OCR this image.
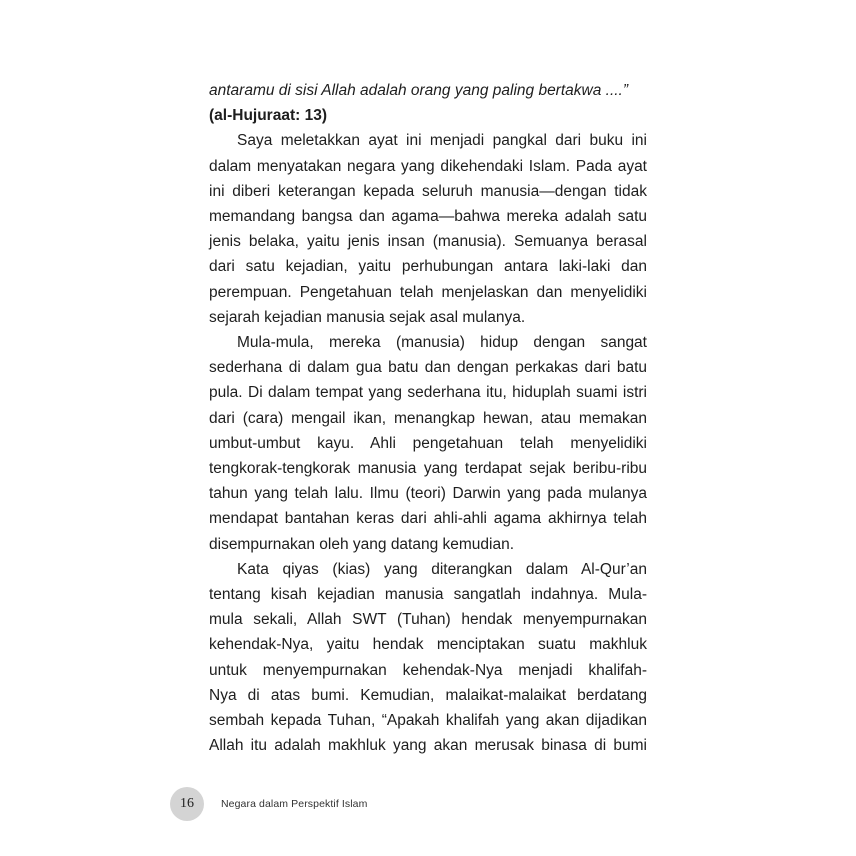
antaramu di sisi Allah adalah orang yang paling bertakwa ....”
(al-Hujuraat: 13)
Saya meletakkan ayat ini menjadi pangkal dari buku ini
dalam menyatakan negara yang dikehendaki Islam. Pada ayat
ini diberi keterangan kepada seluruh manusia—dengan tidak
memandang bangsa dan agama—bahwa mereka adalah satu
jenis belaka, yaitu jenis insan (manusia). Semuanya berasal
dari satu kejadian, yaitu perhubungan antara laki-laki dan
perempuan. Pengetahuan telah menjelaskan dan menyelidiki
sejarah kejadian manusia sejak asal mulanya.
Mula-mula, mereka (manusia) hidup dengan sangat
sederhana di dalam gua batu dan dengan perkakas dari batu
pula. Di dalam tempat yang sederhana itu, hiduplah suami istri
dari (cara) mengail ikan, menangkap hewan, atau memakan
umbut-umbut kayu. Ahli pengetahuan telah menyelidiki
tengkorak-tengkorak manusia yang terdapat sejak beribu-ribu
tahun yang telah lalu. Ilmu (teori) Darwin yang pada mulanya
mendapat bantahan keras dari ahli-ahli agama akhirnya telah
disempurnakan oleh yang datang kemudian.
Kata qiyas (kias) yang diterangkan dalam Al-Qur’an
tentang kisah kejadian manusia sangatlah indahnya. Mula-
mula sekali, Allah SWT (Tuhan) hendak menyempurnakan
kehendak-Nya, yaitu hendak menciptakan suatu makhluk
untuk menyempurnakan kehendak-Nya menjadi khalifah-
Nya di atas bumi. Kemudian, malaikat-malaikat berdatang
sembah kepada Tuhan, “Apakah khalifah yang akan dijadikan
Allah itu adalah makhluk yang akan merusak binasa di bumi
16	Negara dalam Perspektif Islam
